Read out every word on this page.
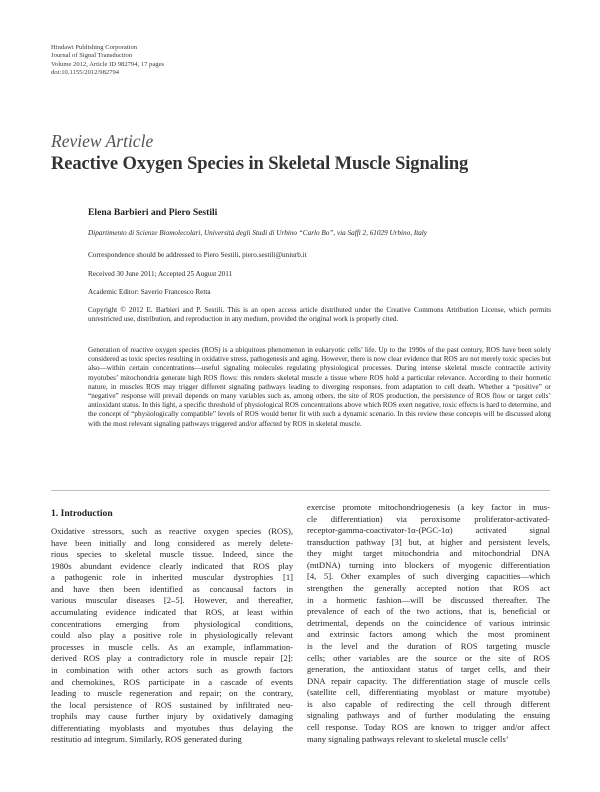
Hindawi Publishing Corporation
Journal of Signal Transduction
Volume 2012, Article ID 982794, 17 pages
doi:10.1155/2012/982794
Review Article
Reactive Oxygen Species in Skeletal Muscle Signaling
Elena Barbieri and Piero Sestili
Dipartimento di Scienze Biomolecolari, Università degli Studi di Urbino “Carlo Bo”, via Saffi 2, 61029 Urbino, Italy
Correspondence should be addressed to Piero Sestili, piero.sestili@uniurb.it
Received 30 June 2011; Accepted 25 August 2011
Academic Editor: Saverio Francesco Retta
Copyright © 2012 E. Barbieri and P. Sestili. This is an open access article distributed under the Creative Commons Attribution License, which permits unrestricted use, distribution, and reproduction in any medium, provided the original work is properly cited.
Generation of reactive oxygen species (ROS) is a ubiquitous phenomenon in eukaryotic cells’ life. Up to the 1990s of the past century, ROS have been solely considered as toxic species resulting in oxidative stress, pathogenesis and aging. However, there is now clear evidence that ROS are not merely toxic species but also—within certain concentrations—useful signaling molecules regulating physiological processes. During intense skeletal muscle contractile activity myotubes’ mitochondria generate high ROS flows: this renders skeletal muscle a tissue where ROS hold a particular relevance. According to their hormetic nature, in muscles ROS may trigger different signaling pathways leading to diverging responses, from adaptation to cell death. Whether a “positive” or “negative” response will prevail depends on many variables such as, among others, the site of ROS production, the persistence of ROS flow or target cells’ antioxidant status. In this light, a specific threshold of physiological ROS concentrations above which ROS exert negative, toxic effects is hard to determine, and the concept of “physiologically compatible” levels of ROS would better fit with such a dynamic scenario. In this review these concepts will be discussed along with the most relevant signaling pathways triggered and/or affected by ROS in skeletal muscle.
1. Introduction
Oxidative stressors, such as reactive oxygen species (ROS),
have been initially and long considered as merely delete-
rious species to skeletal muscle tissue. Indeed, since the
1980s abundant evidence clearly indicated that ROS play
a pathogenic role in inherited muscular dystrophies [1]
and have then been identified as concausal factors in
various muscular diseases [2–5]. However, and thereafter,
accumulating evidence indicated that ROS, at least within
concentrations emerging from physiological conditions,
could also play a positive role in physiologically relevant
processes in muscle cells. As an example, inflammation-
derived ROS play a contradictory role in muscle repair [2]:
in combination with other actors such as growth factors
and chemokines, ROS participate in a cascade of events
leading to muscle regeneration and repair; on the contrary,
the local persistence of ROS sustained by infiltrated neu-
trophils may cause further injury by oxidatively damaging
differentiating myoblasts and myotubes thus delaying the
restitutio ad integrum. Similarly, ROS generated during
exercise promote mitochondriogenesis (a key factor in mus-
cle differentiation) via peroxisome proliferator-activated-
receptor-gamma-coactivator-1α-(PGC-1α) activated signal
transduction pathway [3] but, at higher and persistent levels,
they might target mitochondria and mitochondrial DNA
(mtDNA) turning into blockers of myogenic differentiation
[4, 5]. Other examples of such diverging capacities—which
strengthen the generally accepted notion that ROS act
in a hormetic fashion—will be discussed thereafter. The
prevalence of each of the two actions, that is, beneficial or
detrimental, depends on the coincidence of various intrinsic
and extrinsic factors among which the most prominent
is the level and the duration of ROS targeting muscle
cells; other variables are the source or the site of ROS
generation, the antioxidant status of target cells, and their
DNA repair capacity. The differentiation stage of muscle cells
(satellite cell, differentiating myoblast or mature myotube)
is also capable of redirecting the cell through different
signaling pathways and of further modulating the ensuing
cell response. Today ROS are known to trigger and/or affect
many signaling pathways relevant to skeletal muscle cells’
